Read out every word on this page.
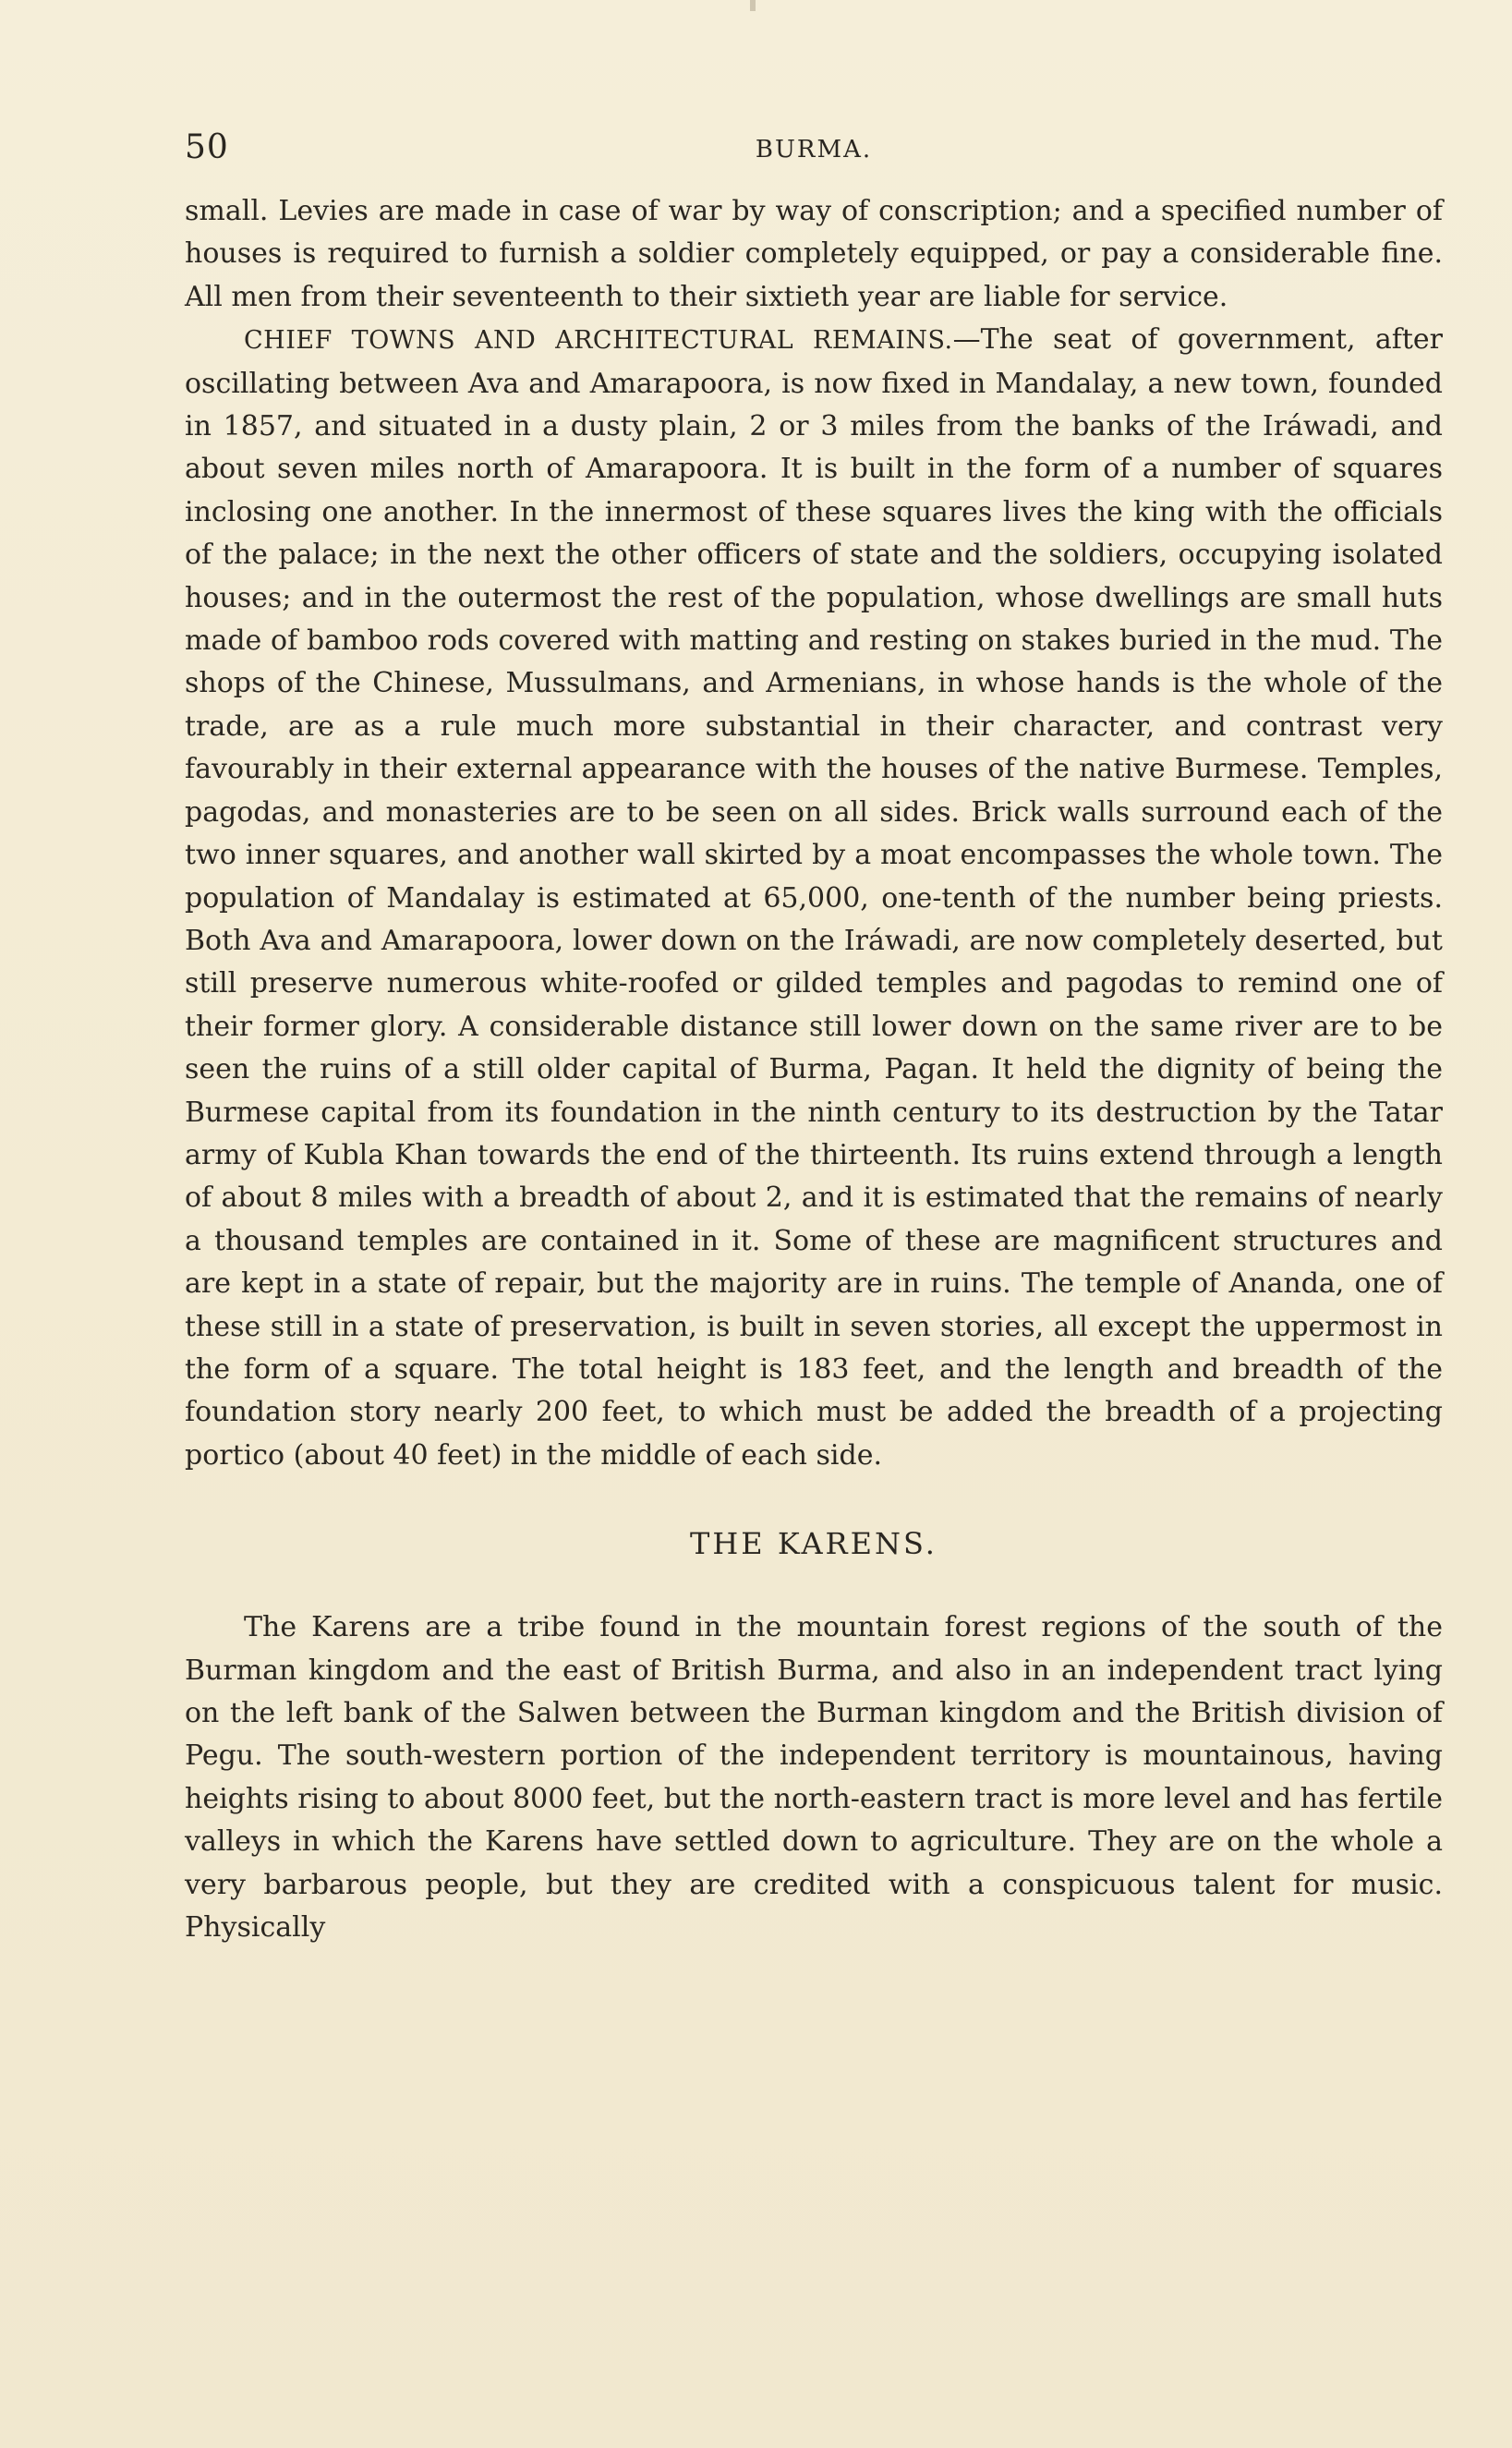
50	BURMA.

small. Levies are made in case of war by way of conscription; and a specified number of houses is required to furnish a soldier completely equipped, or pay a considerable fine. All men from their seventeenth to their sixtieth year are liable for service.

CHIEF TOWNS AND ARCHITECTURAL REMAINS.—The seat of government, after oscillating between Ava and Amarapoora, is now fixed in Mandalay, a new town, founded in 1857, and situated in a dusty plain, 2 or 3 miles from the banks of the Iráwadi, and about seven miles north of Amarapoora. It is built in the form of a number of squares inclosing one another. In the innermost of these squares lives the king with the officials of the palace; in the next the other officers of state and the soldiers, occupying isolated houses; and in the outermost the rest of the population, whose dwellings are small huts made of bamboo rods covered with matting and resting on stakes buried in the mud. The shops of the Chinese, Mussulmans, and Armenians, in whose hands is the whole of the trade, are as a rule much more substantial in their character, and contrast very favourably in their external appearance with the houses of the native Burmese. Temples, pagodas, and monasteries are to be seen on all sides. Brick walls surround each of the two inner squares, and another wall skirted by a moat encompasses the whole town. The population of Mandalay is estimated at 65,000, one-tenth of the number being priests. Both Ava and Amarapoora, lower down on the Iráwadi, are now completely deserted, but still preserve numerous white-roofed or gilded temples and pagodas to remind one of their former glory. A considerable distance still lower down on the same river are to be seen the ruins of a still older capital of Burma, Pagan. It held the dignity of being the Burmese capital from its foundation in the ninth century to its destruction by the Tatar army of Kubla Khan towards the end of the thirteenth. Its ruins extend through a length of about 8 miles with a breadth of about 2, and it is estimated that the remains of nearly a thousand temples are contained in it. Some of these are magnificent structures and are kept in a state of repair, but the majority are in ruins. The temple of Ananda, one of these still in a state of preservation, is built in seven stories, all except the uppermost in the form of a square. The total height is 183 feet, and the length and breadth of the foundation story nearly 200 feet, to which must be added the breadth of a projecting portico (about 40 feet) in the middle of each side.

THE KARENS.

The Karens are a tribe found in the mountain forest regions of the south of the Burman kingdom and the east of British Burma, and also in an independent tract lying on the left bank of the Salwen between the Burman kingdom and the British division of Pegu. The south-western portion of the independent territory is mountainous, having heights rising to about 8000 feet, but the north-eastern tract is more level and has fertile valleys in which the Karens have settled down to agriculture. They are on the whole a very barbarous people, but they are credited with a conspicuous talent for music. Physically
